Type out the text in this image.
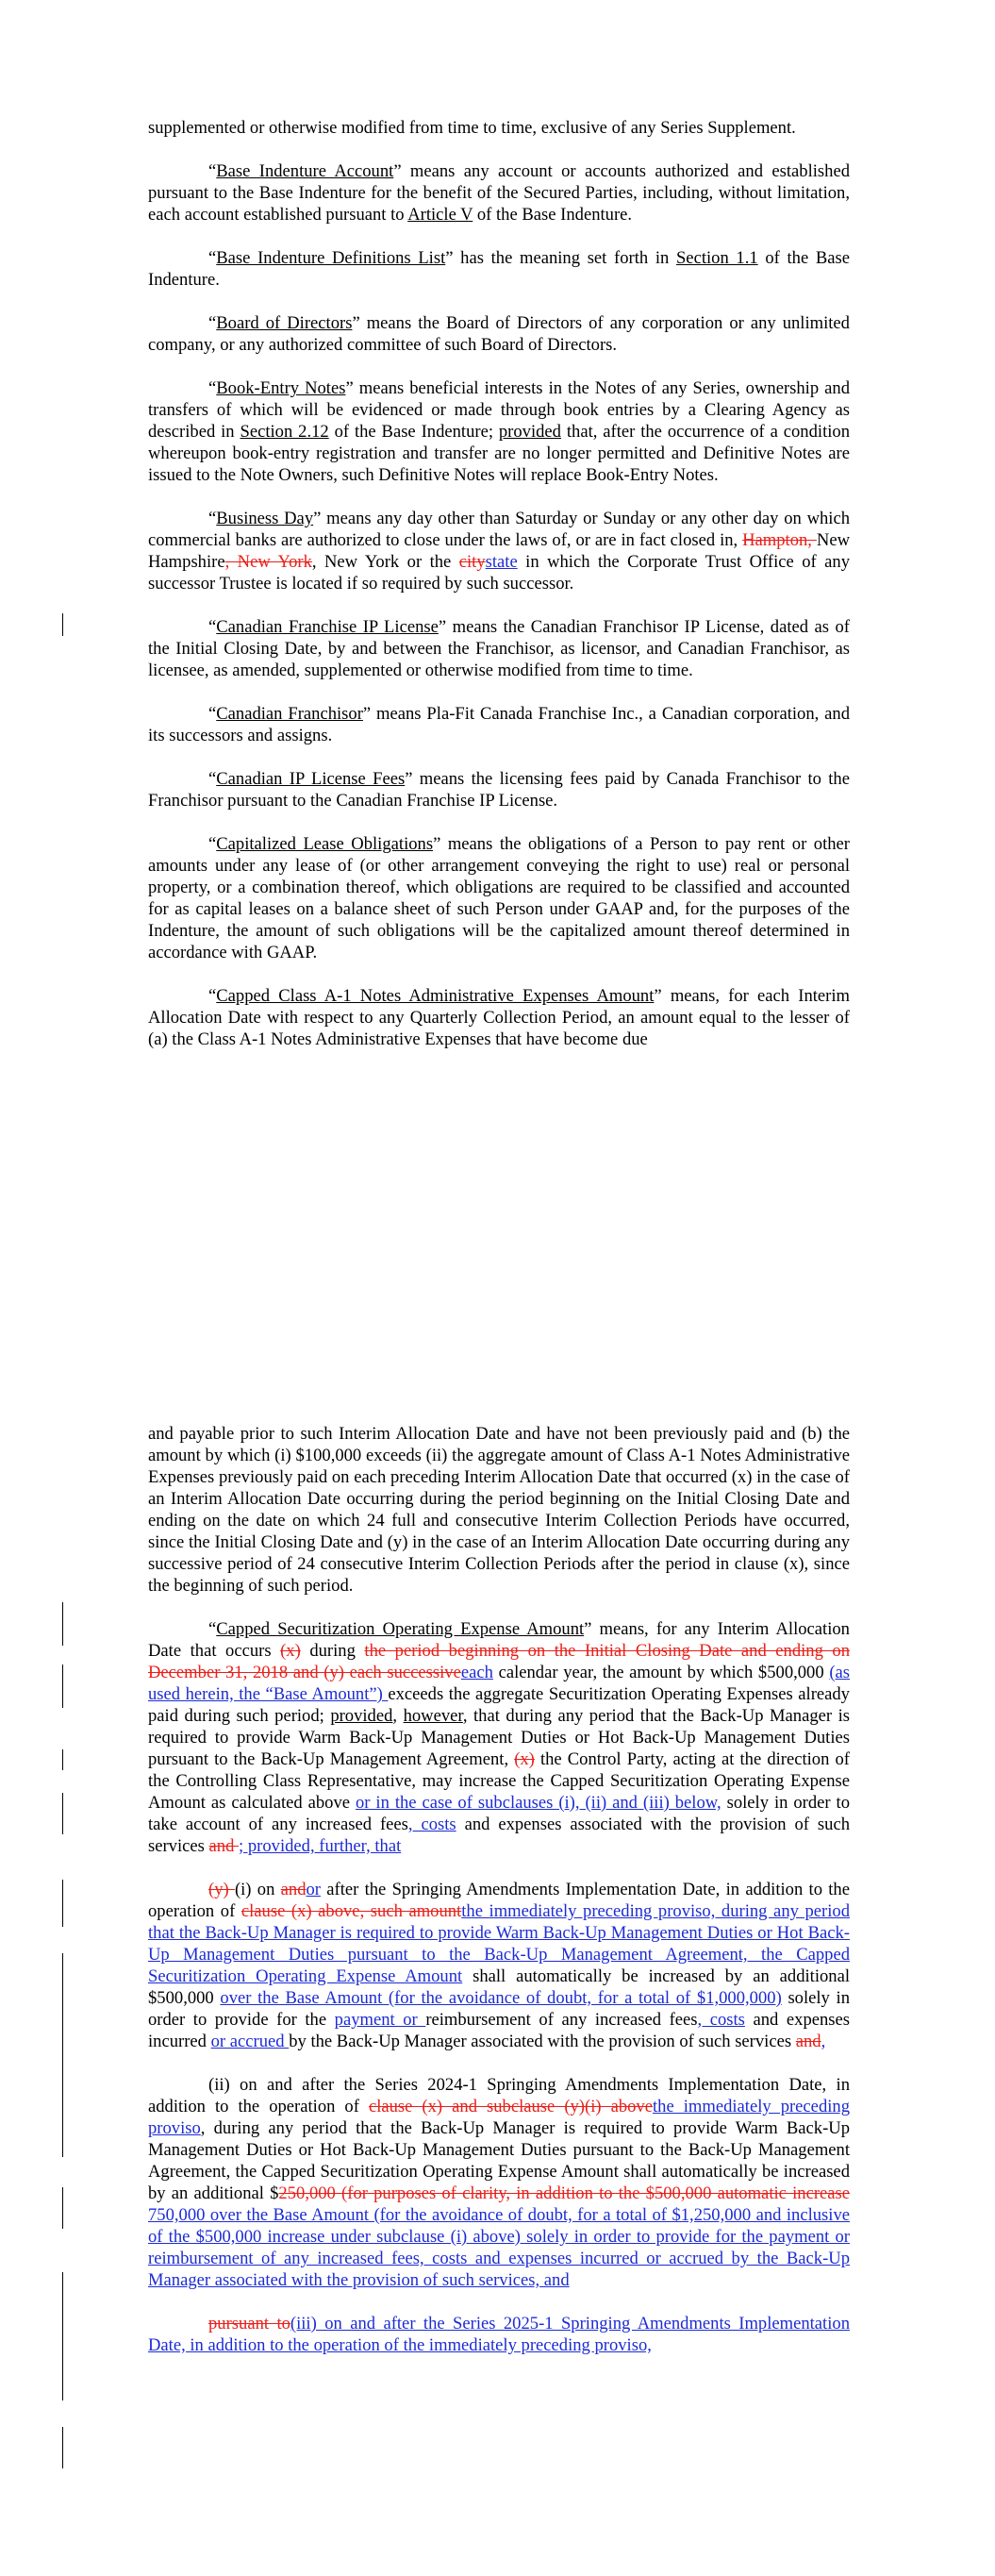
supplemented or otherwise modified from time to time, exclusive of any Series Supplement.

“Base Indenture Account” means any account or accounts authorized and established pursuant to the Base Indenture for the benefit of the Secured Parties, including, without limitation, each account established pursuant to Article V of the Base Indenture.

“Base Indenture Definitions List” has the meaning set forth in Section 1.1 of the Base Indenture.

“Board of Directors” means the Board of Directors of any corporation or any unlimited company, or any authorized committee of such Board of Directors.

“Book-Entry Notes” means beneficial interests in the Notes of any Series, ownership and transfers of which will be evidenced or made through book entries by a Clearing Agency as described in Section 2.12 of the Base Indenture; provided that, after the occurrence of a condition whereupon book-entry registration and transfer are no longer permitted and Definitive Notes are issued to the Note Owners, such Definitive Notes will replace Book-Entry Notes.

“Business Day” means any day other than Saturday or Sunday or any other day on which commercial banks are authorized to close under the laws of, or are in fact closed in, Hampton, New Hampshire, New York, New York or the citystate in which the Corporate Trust Office of any successor Trustee is located if so required by such successor.

“Canadian Franchise IP License” means the Canadian Franchisor IP License, dated as of the Initial Closing Date, by and between the Franchisor, as licensor, and Canadian Franchisor, as licensee, as amended, supplemented or otherwise modified from time to time.

“Canadian Franchisor” means Pla-Fit Canada Franchise Inc., a Canadian corporation, and its successors and assigns.

“Canadian IP License Fees” means the licensing fees paid by Canada Franchisor to the Franchisor pursuant to the Canadian Franchise IP License.

“Capitalized Lease Obligations” means the obligations of a Person to pay rent or other amounts under any lease of (or other arrangement conveying the right to use) real or personal property, or a combination thereof, which obligations are required to be classified and accounted for as capital leases on a balance sheet of such Person under GAAP and, for the purposes of the Indenture, the amount of such obligations will be the capitalized amount thereof determined in accordance with GAAP.

“Capped Class A-1 Notes Administrative Expenses Amount” means, for each Interim Allocation Date with respect to any Quarterly Collection Period, an amount equal to the lesser of (a) the Class A-1 Notes Administrative Expenses that have become due

and payable prior to such Interim Allocation Date and have not been previously paid and (b) the amount by which (i) $100,000 exceeds (ii) the aggregate amount of Class A-1 Notes Administrative Expenses previously paid on each preceding Interim Allocation Date that occurred (x) in the case of an Interim Allocation Date occurring during the period beginning on the Initial Closing Date and ending on the date on which 24 full and consecutive Interim Collection Periods have occurred, since the Initial Closing Date and (y) in the case of an Interim Allocation Date occurring during any successive period of 24 consecutive Interim Collection Periods after the period in clause (x), since the beginning of such period.

“Capped Securitization Operating Expense Amount” means, for any Interim Allocation Date that occurs (x) during the period beginning on the Initial Closing Date and ending on December 31, 2018 and (y) each successiveeach calendar year, the amount by which $500,000 (as used herein, the “Base Amount”) exceeds the aggregate Securitization Operating Expenses already paid during such period; provided, however, that during any period that the Back-Up Manager is required to provide Warm Back-Up Management Duties or Hot Back-Up Management Duties pursuant to the Back-Up Management Agreement, (x) the Control Party, acting at the direction of the Controlling Class Representative, may increase the Capped Securitization Operating Expense Amount as calculated above or in the case of subclauses (i), (ii) and (iii) below, solely in order to take account of any increased fees, costs and expenses associated with the provision of such services and ; provided, further, that

(y) (i) on andor after the Springing Amendments Implementation Date, in addition to the operation of clause (x) above, such amountthe immediately preceding proviso, during any period that the Back-Up Manager is required to provide Warm Back-Up Management Duties or Hot Back-Up Management Duties pursuant to the Back-Up Management Agreement, the Capped Securitization Operating Expense Amount shall automatically be increased by an additional $500,000 over the Base Amount (for the avoidance of doubt, for a total of $1,000,000) solely in order to provide for the payment or reimbursement of any increased fees, costs and expenses incurred or accrued by the Back-Up Manager associated with the provision of such services and,

(ii) on and after the Series 2024-1 Springing Amendments Implementation Date, in addition to the operation of clause (x) and subclause (y)(i) abovethe immediately preceding proviso, during any period that the Back-Up Manager is required to provide Warm Back-Up Management Duties or Hot Back-Up Management Duties pursuant to the Back-Up Management Agreement, the Capped Securitization Operating Expense Amount shall automatically be increased by an additional $250,000 (for purposes of clarity, in addition to the $500,000 automatic increase 750,000 over the Base Amount (for the avoidance of doubt, for a total of $1,250,000 and inclusive of the $500,000 increase under subclause (i) above) solely in order to provide for the payment or reimbursement of any increased fees, costs and expenses incurred or accrued by the Back-Up Manager associated with the provision of such services, and

pursuant to(iii) on and after the Series 2025-1 Springing Amendments Implementation Date, in addition to the operation of the immediately preceding proviso,
